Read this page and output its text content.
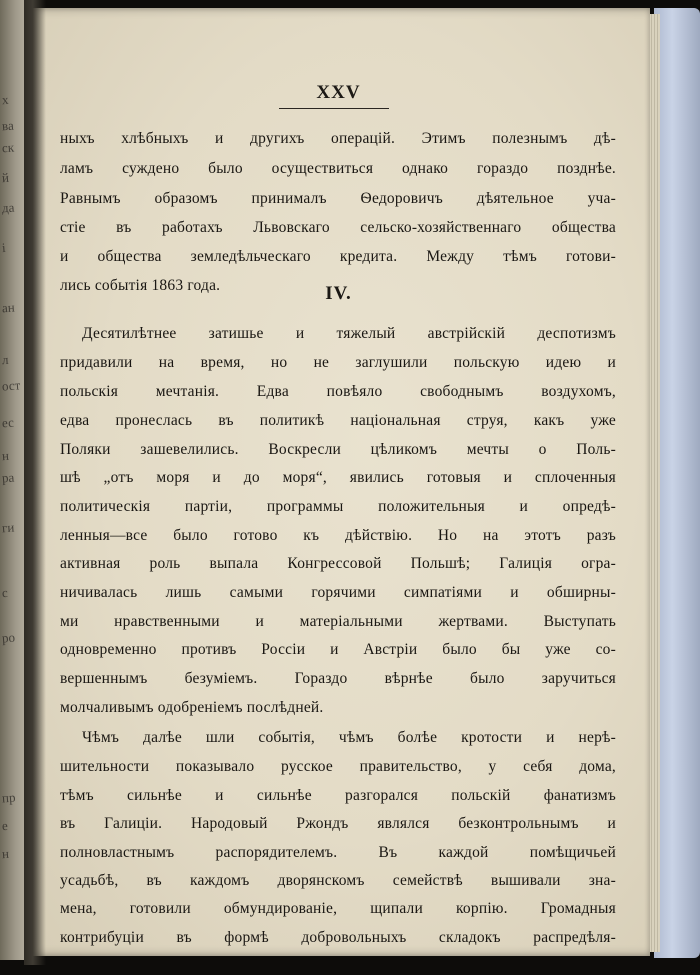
х
ва
ск
й
да
і
ан
л
ост
ес
н
ра
ги
с
ро
пр
е
н
XXV
ныхъ хлѣбныхъ и другихъ операцій. Этимъ полезнымъ дѣ-
ламъ суждено было осуществиться однако гораздо позднѣе.
Равнымъ образомъ принималъ Ѳедоровичъ дѣятельное уча-
стіе въ работахъ Львовскаго сельско-хозяйственнаго общества
и общества земледѣльческаго кредита. Между тѣмъ готови-
лись событія 1863 года.	IV.
Десятилѣтнее затишье и тяжелый австрійскій деспотизмъ
придавили на время, но не заглушили польскую идею и
польскія мечтанія. Едва повѣяло свободнымъ воздухомъ,
едва пронеслась въ политикѣ національная струя, какъ уже
Поляки зашевелились. Воскресли цѣликомъ мечты о Поль-
шѣ „отъ моря и до моря“, явились готовыя и сплоченныя
политическія партіи, программы положительныя и опредѣ-
ленныя—все было готово къ дѣйствію. Но на этотъ разъ
активная роль выпала Конгрессовой Польшѣ; Галиція огра-
ничивалась лишь самыми горячими симпатіями и обширны-
ми нравственными и матеріальными жертвами. Выступать
одновременно противъ Россіи и Австріи было бы уже со-
вершеннымъ безуміемъ. Гораздо вѣрнѣе было заручиться
молчаливымъ одобреніемъ послѣдней.
Чѣмъ далѣе шли событія, чѣмъ болѣе кротости и нерѣ-
шительности показывало русское правительство, у себя дома,
тѣмъ сильнѣе и сильнѣе разгорался польскій фанатизмъ
въ Галиціи. Народовый Ржондъ являлся безконтрольнымъ и
полновластнымъ распорядителемъ. Въ каждой помѣщичьей
усадьбѣ, въ каждомъ дворянскомъ семействѣ вышивали зна-
мена, готовили обмундированіе, щипали корпію. Громадныя
контрибуціи въ формѣ добровольныхъ складокъ распредѣля-
